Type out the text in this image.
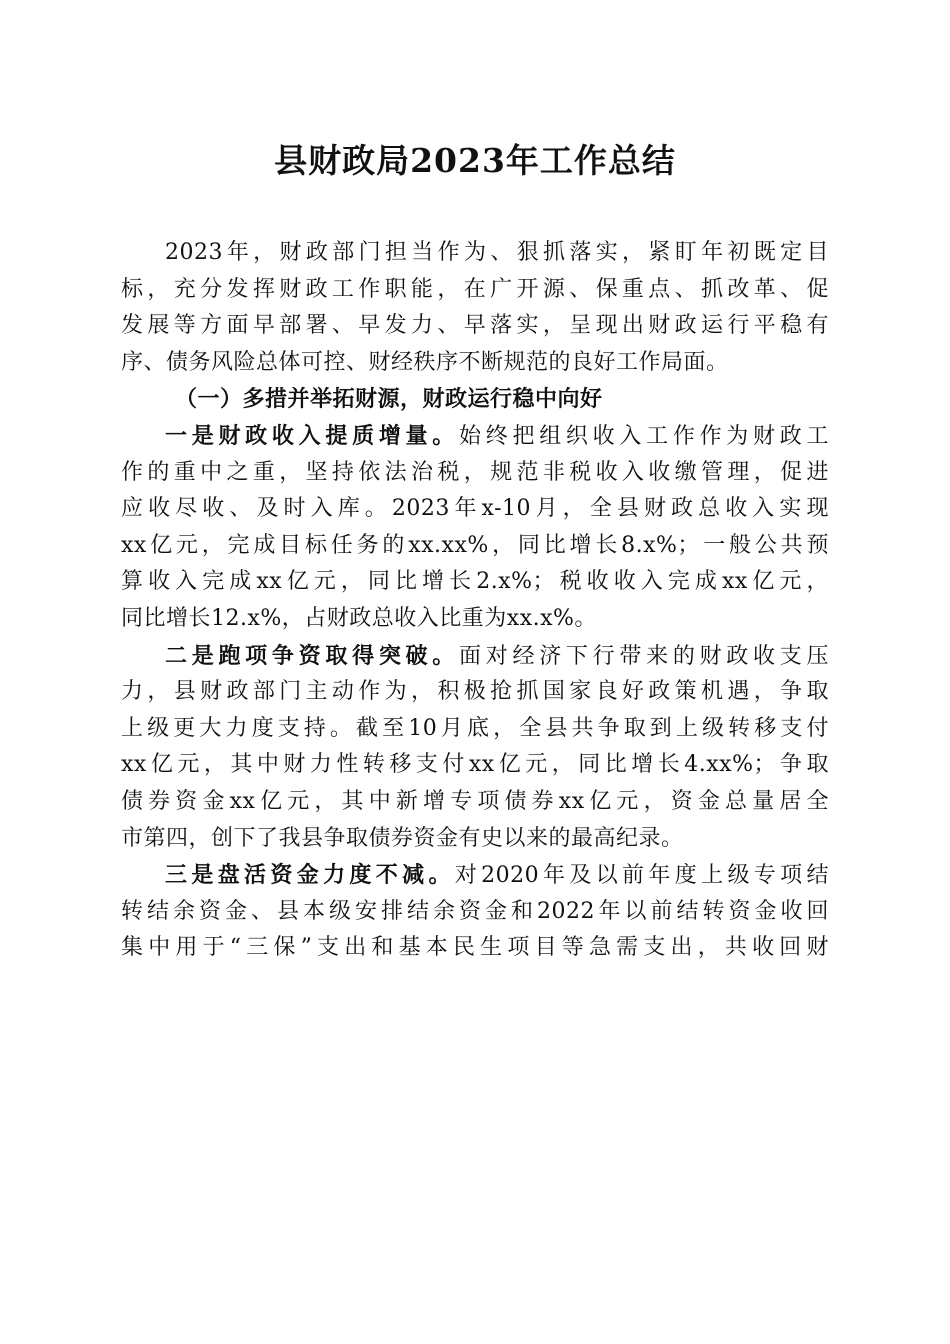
县财政局2023年工作总结
2023年，财政部门担当作为、狠抓落实，紧盯年初既定目
标，充分发挥财政工作职能，在广开源、保重点、抓改革、促
发展等方面早部署、早发力、早落实，呈现出财政运行平稳有
序、债务风险总体可控、财经秩序不断规范的良好工作局面。
（一）多措并举拓财源，财政运行稳中向好
一是财政收入提质增量。始终把组织收入工作作为财政工
作的重中之重，坚持依法治税，规范非税收入收缴管理，促进
应收尽收、及时入库。2023年x-10月，全县财政总收入实现
xx亿元，完成目标任务的xx.xx%，同比增长8.x%；一般公共预
算收入完成xx亿元，同比增长2.x%；税收收入完成xx亿元，
同比增长12.x%，占财政总收入比重为xx.x%。
二是跑项争资取得突破。面对经济下行带来的财政收支压
力，县财政部门主动作为，积极抢抓国家良好政策机遇，争取
上级更大力度支持。截至10月底，全县共争取到上级转移支付
xx亿元，其中财力性转移支付xx亿元，同比增长4.xx%；争取
债券资金xx亿元，其中新增专项债券xx亿元，资金总量居全
市第四，创下了我县争取债券资金有史以来的最高纪录。
三是盘活资金力度不减。对2020年及以前年度上级专项结
转结余资金、县本级安排结余资金和2022年以前结转资金收回
集中用于“三保”支出和基本民生项目等急需支出，共收回财
